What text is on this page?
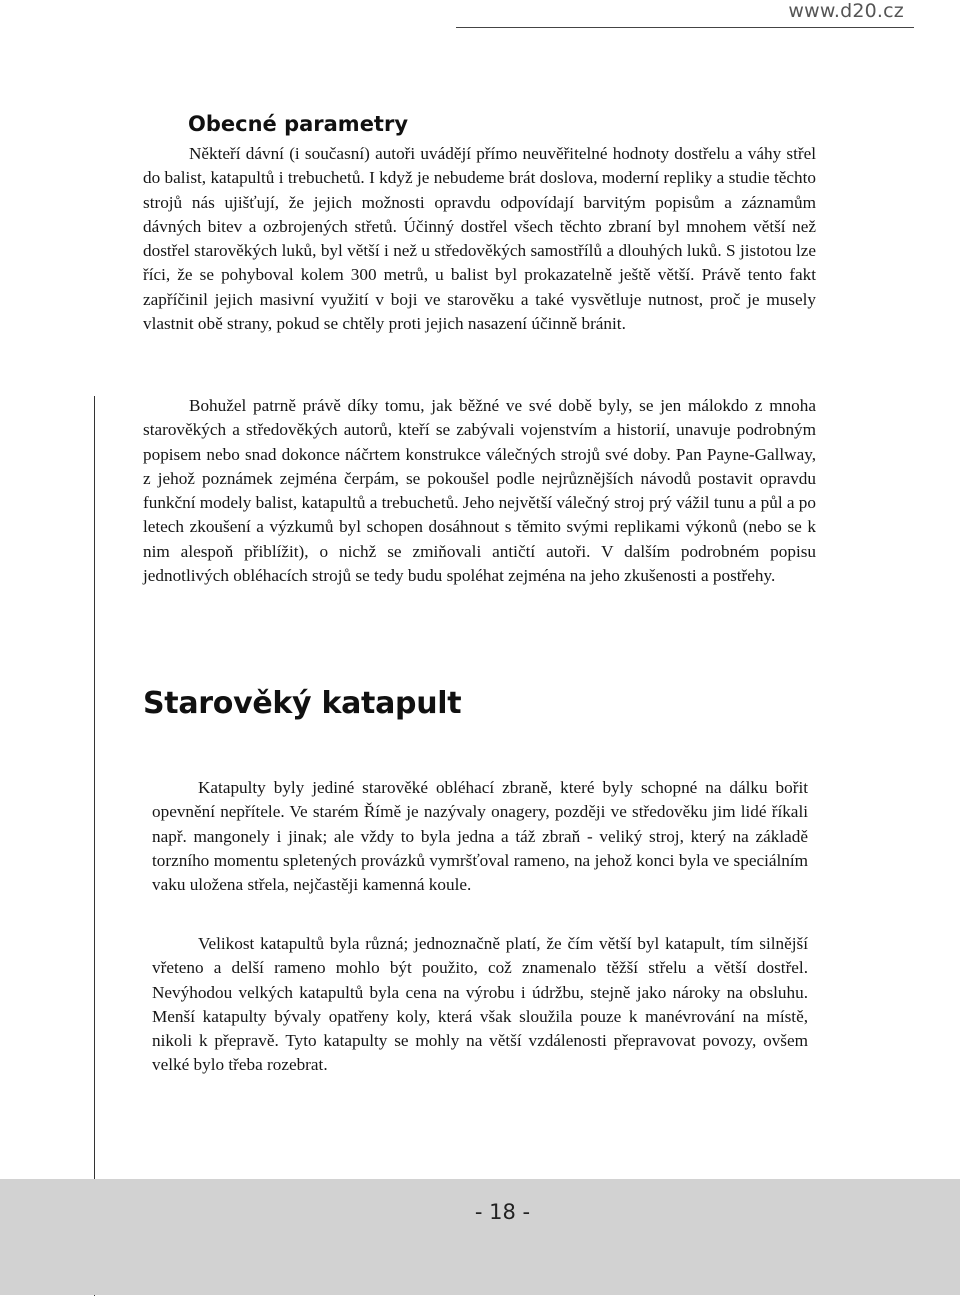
www.d20.cz
Obecné parametry

Někteří dávní (i současní) autoři uvádějí přímo neuvěřitelné hodnoty dostřelu a váhy střel do balist, katapultů i trebuchetů. I když je nebudeme brát doslova, moderní repliky a studie těchto strojů nás ujišťují, že jejich možnosti opravdu odpovídají barvitým popisům a záznamům dávných bitev a ozbrojených střetů. Účinný dostřel všech těchto zbraní byl mnohem větší než dostřel starověkých luků, byl větší i než u středověkých samostřílů a dlouhých luků. S jistotou lze říci, že se pohyboval kolem 300 metrů, u balist byl prokazatelně ještě větší. Právě tento fakt zapříčinil jejich masivní využití v boji ve starověku a také vysvětluje nutnost, proč je musely vlastnit obě strany, pokud se chtěly proti jejich nasazení účinně bránit.

Bohužel patrně právě díky tomu, jak běžné ve své době byly, se jen málokdo z mnoha starověkých a středověkých autorů, kteří se zabývali vojenstvím a historií, unavuje podrobným popisem nebo snad dokonce náčrtem konstrukce válečných strojů své doby. Pan Payne-Gallway, z jehož poznámek zejména čerpám, se pokoušel podle nejrůznějších návodů postavit opravdu funkční modely balist, katapultů a trebuchetů. Jeho největší válečný stroj prý vážil tunu a půl a po letech zkoušení a výzkumů byl schopen dosáhnout s těmito svými replikami výkonů (nebo se k nim alespoň přiblížit), o nichž se zmiňovali antičtí autoři. V dalším podrobném popisu jednotlivých obléhacích strojů se tedy budu spoléhat zejména na jeho zkušenosti a postřehy.

Starověký katapult

Katapulty byly jediné starověké obléhací zbraně, které byly schopné na dálku bořit opevnění nepřítele. Ve starém Římě je nazývaly onagery, později ve středověku jim lidé říkali např. mangonely i jinak; ale vždy to byla jedna a táž zbraň - veliký stroj, který na základě torzního momentu spletených provázků vymršťoval rameno, na jehož konci byla ve speciálním vaku uložena střela, nejčastěji kamenná koule.

Velikost katapultů byla různá; jednoznačně platí, že čím větší byl katapult, tím silnější vřeteno a delší rameno mohlo být použito, což znamenalo těžší střelu a větší dostřel. Nevýhodou velkých katapultů byla cena na výrobu i údržbu, stejně jako nároky na obsluhu. Menší katapulty bývaly opatřeny koly, která však sloužila pouze k manévrování na místě, nikoli k přepravě. Tyto katapulty se mohly na větší vzdálenosti přepravovat povozy, ovšem velké bylo třeba rozebrat.

- 18 -
